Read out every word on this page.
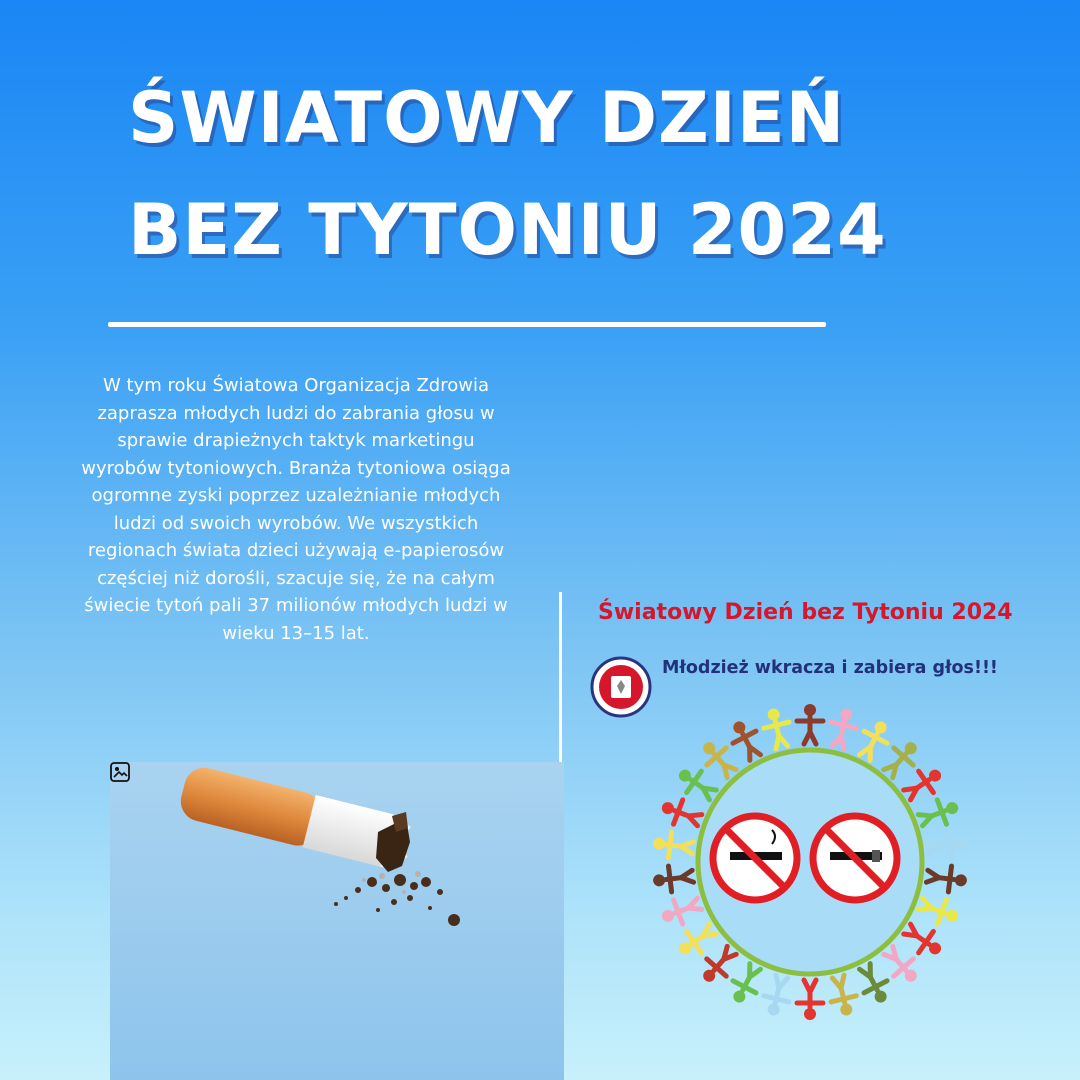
ŚWIATOWY DZIEŃ
BEZ TYTONIU 2024

W tym roku Światowa Organizacja Zdrowia zaprasza młodych ludzi do zabrania głosu w sprawie drapieżnych taktyk marketingu wyrobów tytoniowych. Branża tytoniowa osiąga ogromne zyski poprzez uzależnianie młodych ludzi od swoich wyrobów. We wszystkich regionach świata dzieci używają e-papierosów częściej niż dorośli, szacuje się, że na całym świecie tytoń pali 37 milionów młodych ludzi w wieku 13–15 lat.

Światowy Dzień bez Tytoniu 2024

Młodzież wkracza i zabiera głos!!!
